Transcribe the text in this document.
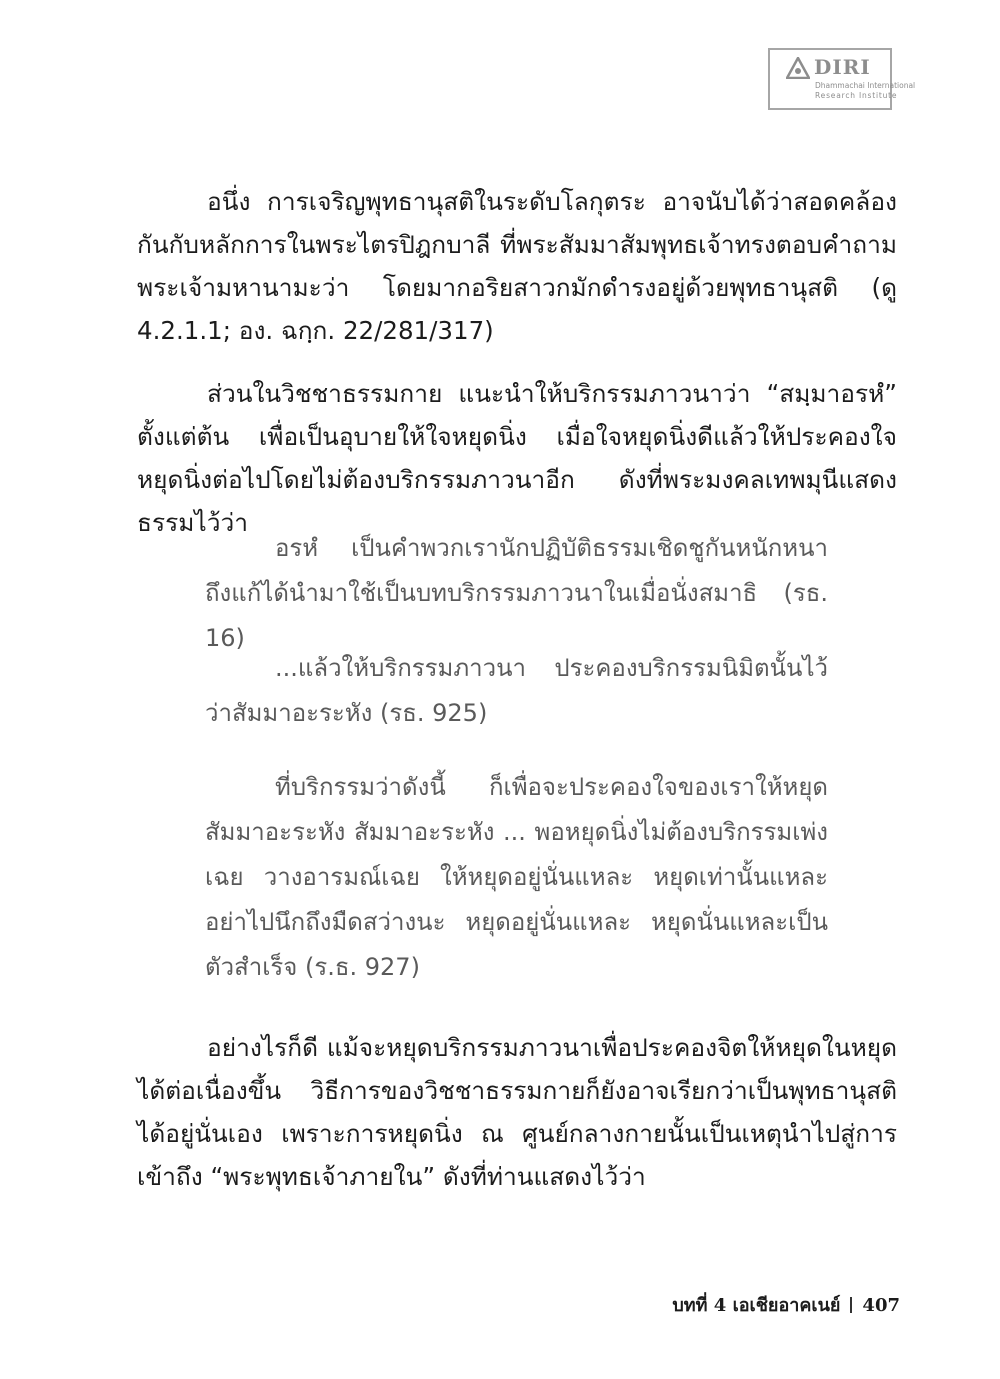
DIRI
Dhammachai International
Research Institute

อนึ่ง การเจริญพุทธานุสติในระดับโลกุตระ อาจนับได้ว่าสอดคล้องกันกับหลักการในพระไตรปิฎกบาลี ที่พระสัมมาสัมพุทธเจ้าทรงตอบคำถามพระเจ้ามหานามะว่า โดยมากอริยสาวกมักดำรงอยู่ด้วยพุทธานุสติ (ดู 4.2.1.1; อง. ฉกฺก. 22/281/317)

ส่วนในวิชชาธรรมกาย แนะนำให้บริกรรมภาวนาว่า “สมฺมาอรหํ” ตั้งแต่ต้น เพื่อเป็นอุบายให้ใจหยุดนิ่ง เมื่อใจหยุดนิ่งดีแล้วให้ประคองใจหยุดนิ่งต่อไปโดยไม่ต้องบริกรรมภาวนาอีก ดังที่พระมงคลเทพมุนีแสดงธรรมไว้ว่า

อรหํ เป็นคำพวกเรานักปฏิบัติธรรมเชิดชูกันหนักหนาถึงแก้ได้นำมาใช้เป็นบทบริกรรมภาวนาในเมื่อนั่งสมาธิ (รธ. 16)

...แล้วให้บริกรรมภาวนา ประคองบริกรรมนิมิตนั้นไว้ว่าสัมมาอะระหัง (รธ. 925)

ที่บริกรรมว่าดังนี้ ก็เพื่อจะประคองใจของเราให้หยุดสัมมาอะระหัง สัมมาอะระหัง ... พอหยุดนิ่งไม่ต้องบริกรรมเพ่งเฉย วางอารมณ์เฉย ให้หยุดอยู่นั่นแหละ หยุดเท่านั้นแหละอย่าไปนึกถึงมืดสว่างนะ หยุดอยู่นั่นแหละ หยุดนั่นแหละเป็นตัวสำเร็จ (ร.ธ. 927)

อย่างไรก็ดี แม้จะหยุดบริกรรมภาวนาเพื่อประคองจิตให้หยุดในหยุดได้ต่อเนื่องขึ้น วิธีการของวิชชาธรรมกายก็ยังอาจเรียกว่าเป็นพุทธานุสติได้อยู่นั่นเอง เพราะการหยุดนิ่ง ณ ศูนย์กลางกายนั้นเป็นเหตุนำไปสู่การเข้าถึง “พระพุทธเจ้าภายใน” ดังที่ท่านแสดงไว้ว่า

บทที่ 4 เอเชียอาคเนย์ 407
